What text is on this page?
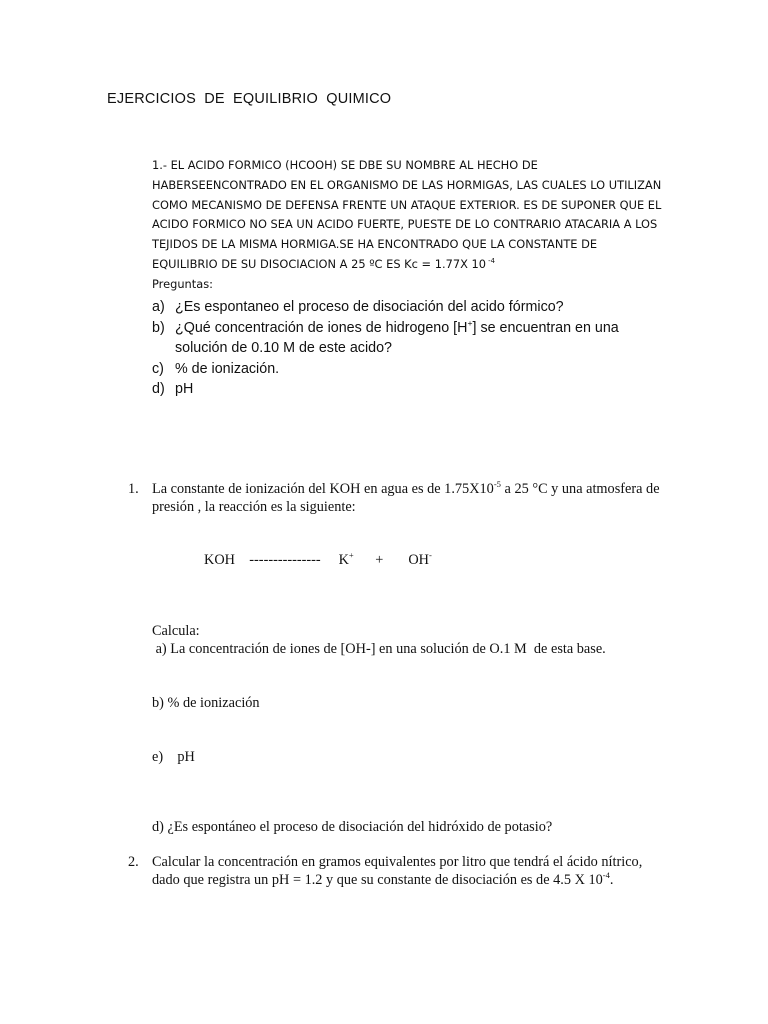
EJERCICIOS DE EQUILIBRIO QUIMICO
1.- EL ACIDO FORMICO (HCOOH) SE DBE SU NOMBRE AL HECHO DE
HABERSEENCONTRADO EN EL ORGANISMO DE LAS HORMIGAS, LAS CUALES LO UTILIZAN
COMO MECANISMO DE DEFENSA FRENTE UN ATAQUE EXTERIOR. ES DE SUPONER QUE EL
ACIDO FORMICO NO SEA UN ACIDO FUERTE, PUESTE DE LO CONTRARIO ATACARIA A LOS
TEJIDOS DE LA MISMA HORMIGA.SE HA ENCONTRADO QUE LA CONSTANTE DE
EQUILIBRIO DE SU DISOCIACION A 25 ºC ES Kc = 1.77X 10 $^{-4}$
Preguntas:
a) ¿Es espontaneo el proceso de disociación del acido fórmico?
b) ¿Qué concentración de iones de hidrogeno [H+] se encuentran en una solución de 0.10 M de este acido?
c) % de ionización.
d) pH
1. La constante de ionización del KOH en agua es de $1.75X10^{-5}$ a 25 °C y una atmosfera de presión , la reacción es la siguiente:
KOH --------------- K+ + OH-
Calcula:
a) La concentración de iones de [OH-] en una solución de O.1 M  de esta base.
b) % de ionización
e)    pH
d) ¿Es espontáneo el proceso de disociación del hidróxido de potasio?
2. Calcular la concentración en gramos equivalentes por litro que tendrá el ácido nítrico, dado que registra un pH = 1.2 y que su constante de disociación es de 4.5 X $10^{-4}$.
